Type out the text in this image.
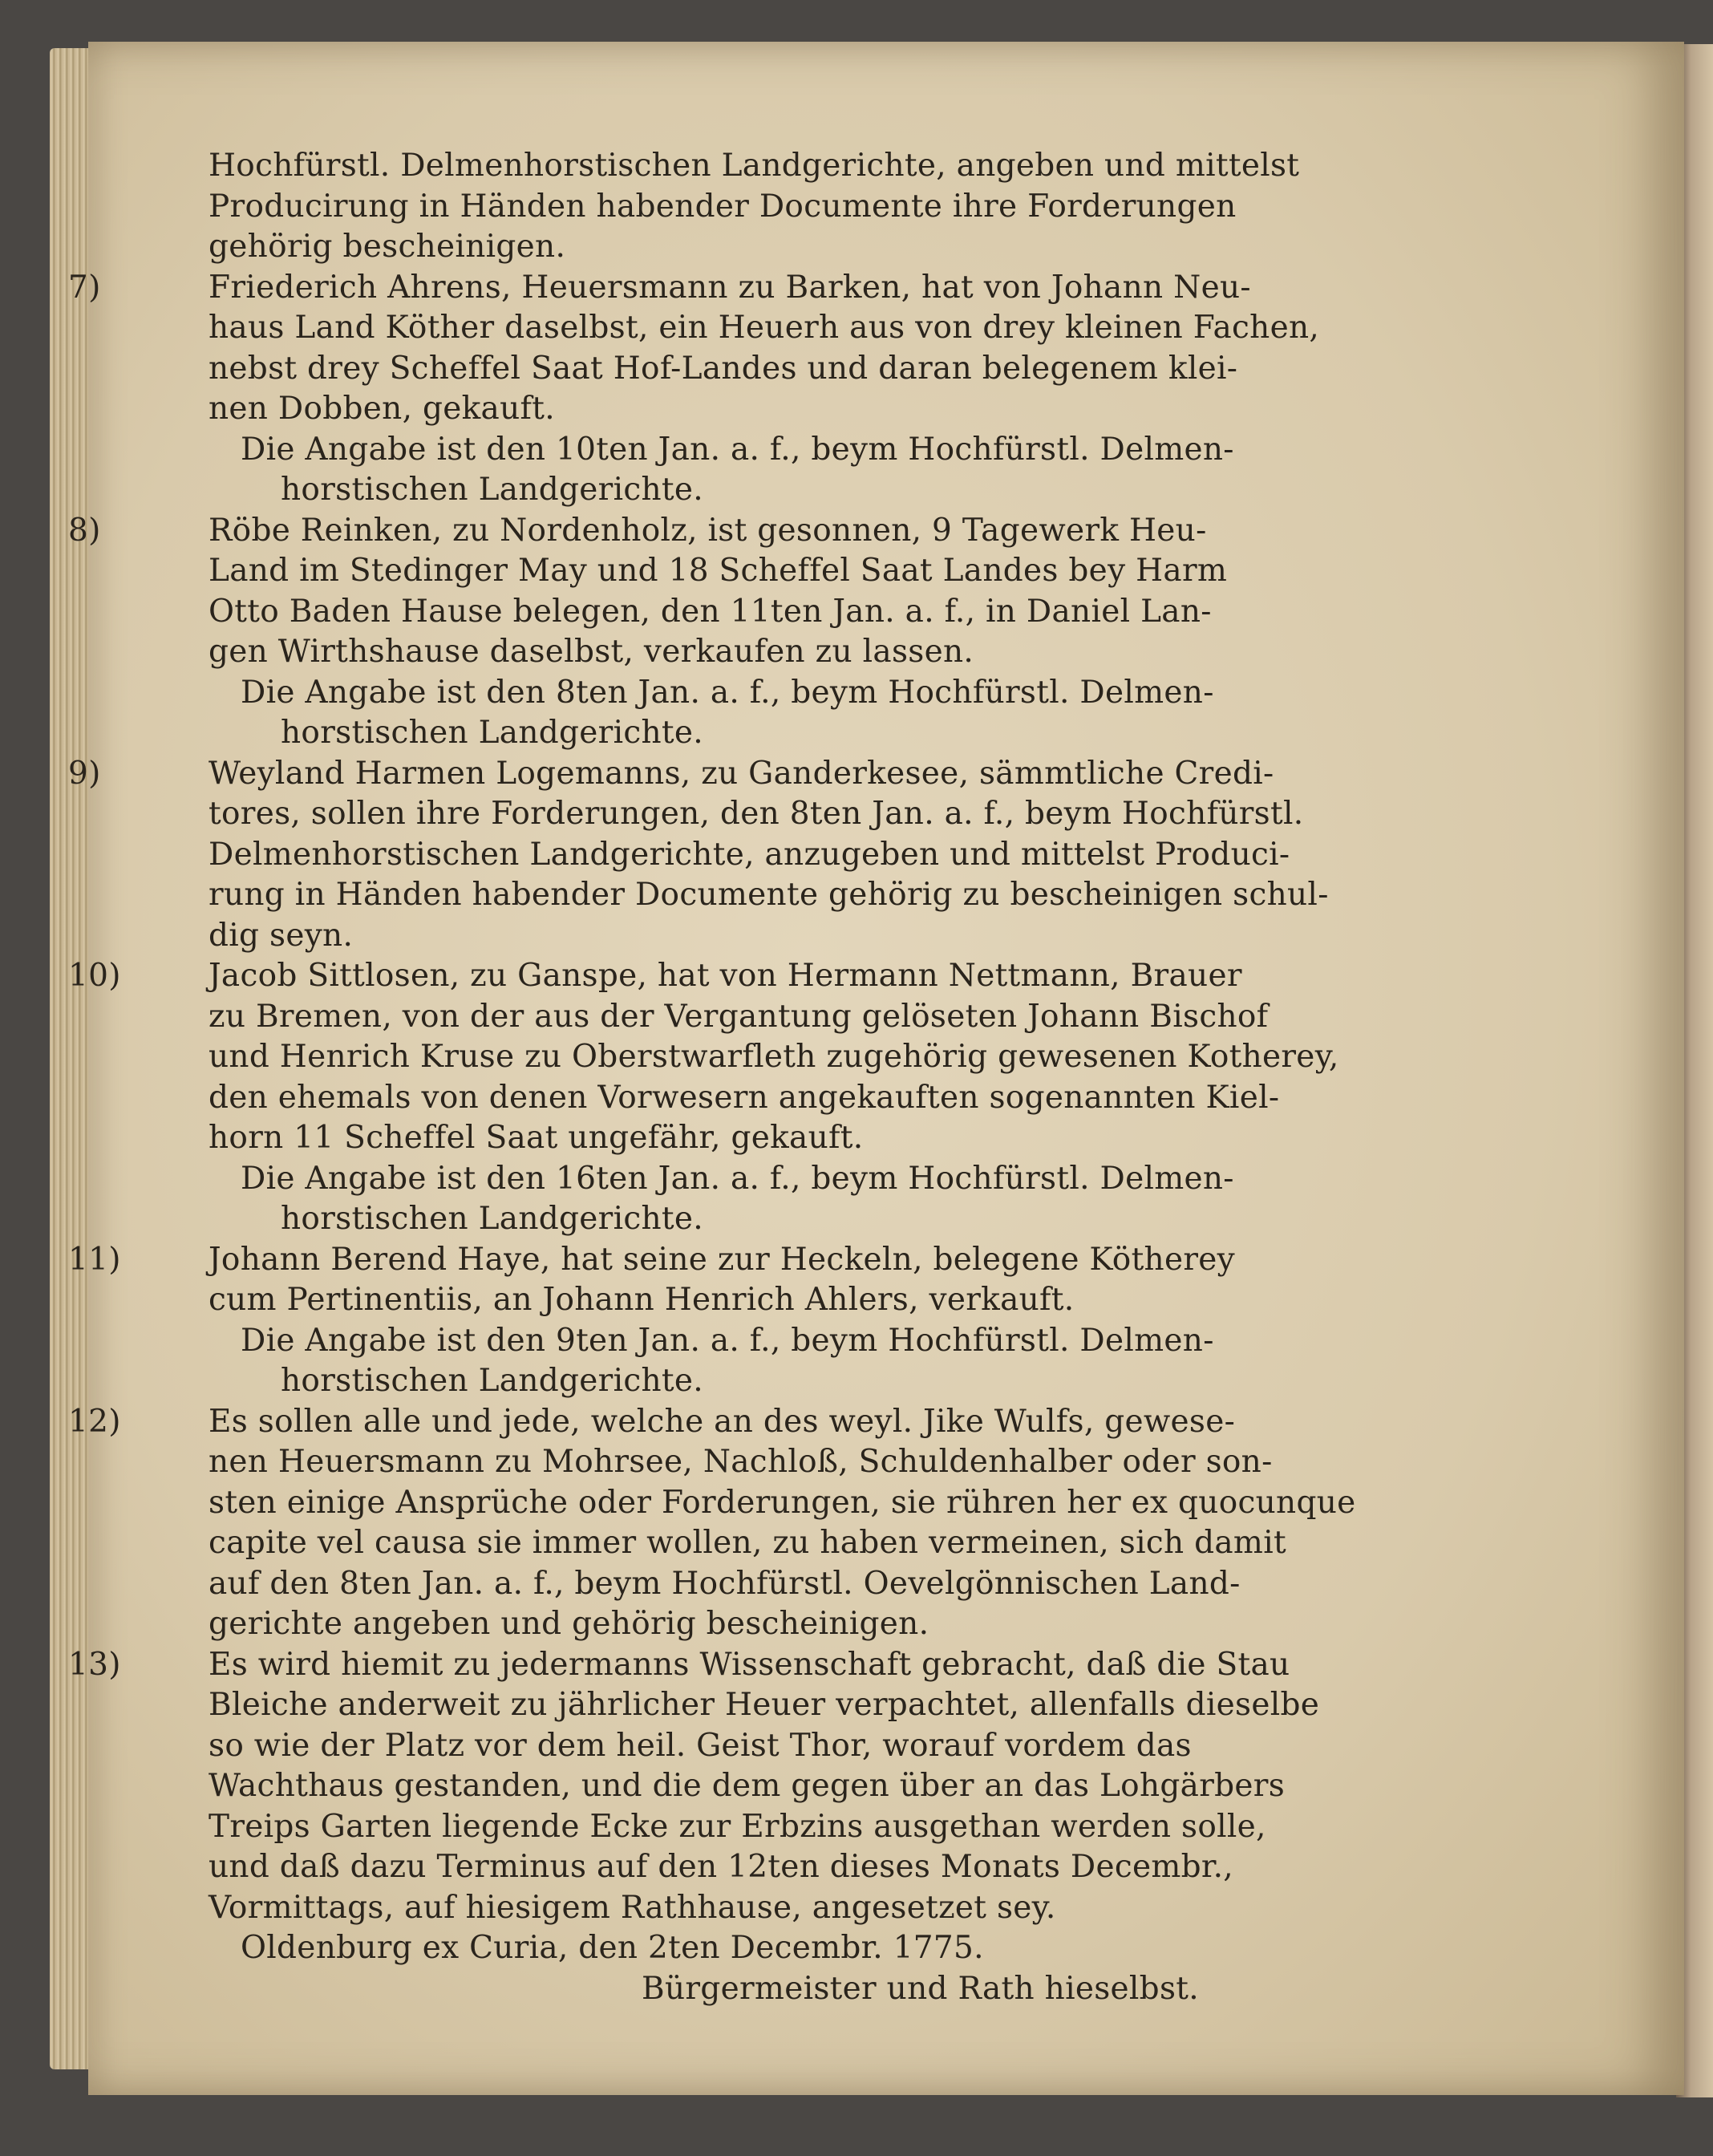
Hochfürstl. Delmenhorstischen Landgerichte, angeben und mittelst
Producirung in Händen habender Documente ihre Forderungen
gehörig bescheinigen.
7)	Friederich Ahrens, Heuersmann zu Barken, hat von Johann Neu-
haus Land Köther daselbst, ein Heuerh aus von drey kleinen Fachen,
nebst drey Scheffel Saat Hof-Landes und daran belegenem klei-
nen Dobben, gekauft.
Die Angabe ist den 10ten Jan. a. f., beym Hochfürstl. Delmen-
horstischen Landgerichte.
8)	Röbe Reinken, zu Nordenholz, ist gesonnen, 9 Tagewerk Heu-
Land im Stedinger May und 18 Scheffel Saat Landes bey Harm
Otto Baden Hause belegen, den 11ten Jan. a. f., in Daniel Lan-
gen Wirthshause daselbst, verkaufen zu lassen.
Die Angabe ist den 8ten Jan. a. f., beym Hochfürstl. Delmen-
horstischen Landgerichte.
9)	Weyland Harmen Logemanns, zu Ganderkesee, sämmtliche Credi-
tores, sollen ihre Forderungen, den 8ten Jan. a. f., beym Hochfürstl.
Delmenhorstischen Landgerichte, anzugeben und mittelst Produci-
rung in Händen habender Documente gehörig zu bescheinigen schul-
dig seyn.
10)	Jacob Sittlosen, zu Ganspe, hat von Hermann Nettmann, Brauer
zu Bremen, von der aus der Vergantung gelöseten Johann Bischof
und Henrich Kruse zu Oberstwarfleth zugehörig gewesenen Kotherey,
den ehemals von denen Vorwesern angekauften sogenannten Kiel-
horn 11 Scheffel Saat ungefähr, gekauft.
Die Angabe ist den 16ten Jan. a. f., beym Hochfürstl. Delmen-
horstischen Landgerichte.
11)	Johann Berend Haye, hat seine zur Heckeln, belegene Kötherey
cum Pertinentiis, an Johann Henrich Ahlers, verkauft.
Die Angabe ist den 9ten Jan. a. f., beym Hochfürstl. Delmen-
horstischen Landgerichte.
12)	Es sollen alle und jede, welche an des weyl. Jike Wulfs, gewese-
nen Heuersmann zu Mohrsee, Nachloß, Schuldenhalber oder son-
sten einige Ansprüche oder Forderungen, sie rühren her ex quocunque
capite vel causa sie immer wollen, zu haben vermeinen, sich damit
auf den 8ten Jan. a. f., beym Hochfürstl. Oevelgönnischen Land-
gerichte angeben und gehörig bescheinigen.
13)	Es wird hiemit zu jedermanns Wissenschaft gebracht, daß die Stau
Bleiche anderweit zu jährlicher Heuer verpachtet, allenfalls dieselbe
so wie der Platz vor dem heil. Geist Thor, worauf vordem das
Wachthaus gestanden, und die dem gegen über an das Lohgärbers
Treips Garten liegende Ecke zur Erbzins ausgethan werden solle,
und daß dazu Terminus auf den 12ten dieses Monats Decembr.,
Vormittags, auf hiesigem Rathhause, angesetzet sey.
Oldenburg ex Curia, den 2ten Decembr. 1775.
Bürgermeister und Rath hieselbst.
